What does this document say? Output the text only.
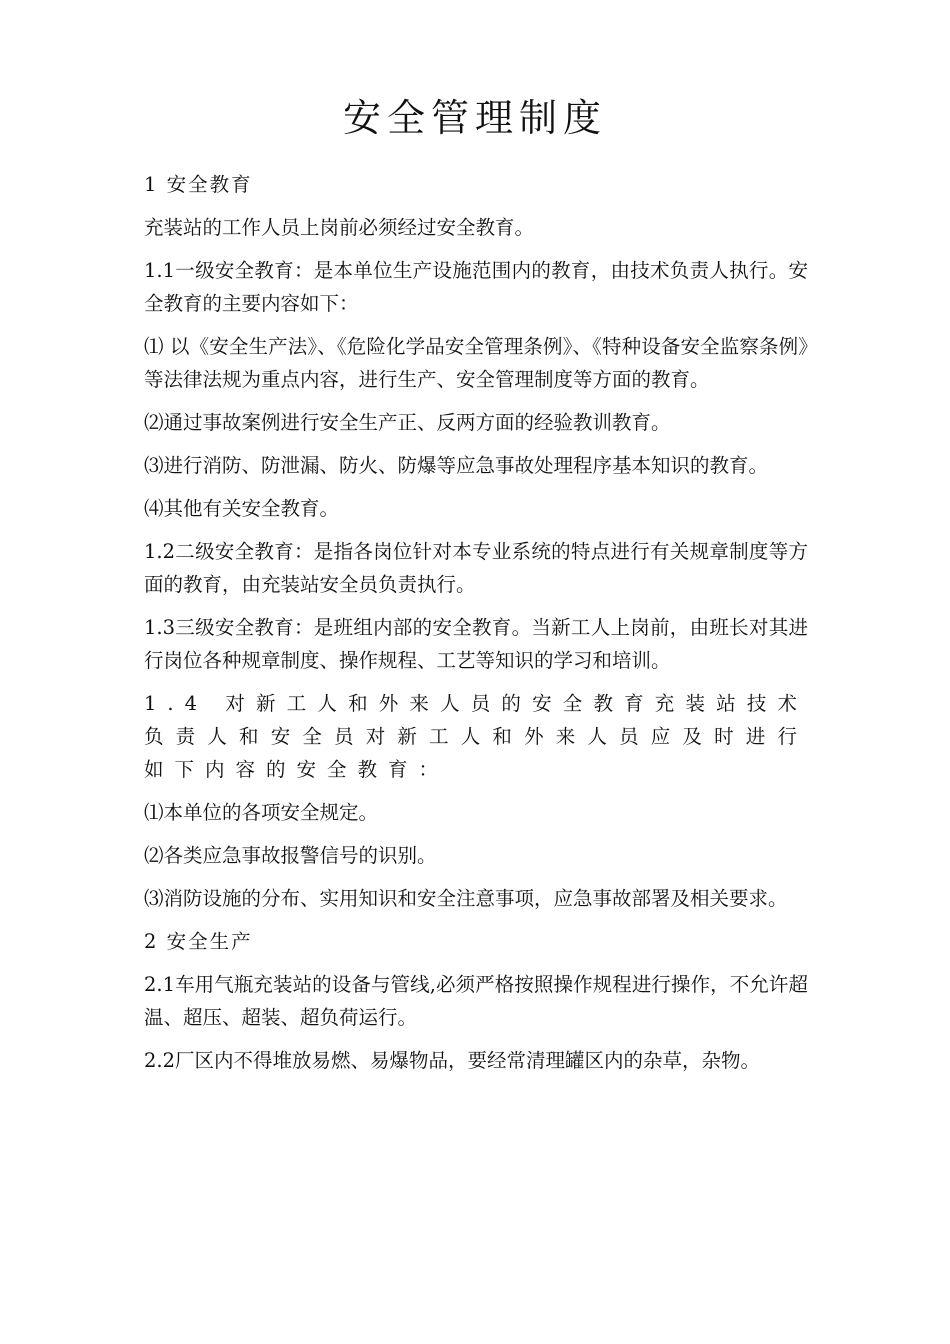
安全管理制度

1 安全教育

充装站的工作人员上岗前必须经过安全教育。

1.1一级安全教育：是本单位生产设施范围内的教育，由技术负责人执行。安全教育的主要内容如下：

⑴ 以《安全生产法》、《危险化学品安全管理条例》、《特种设备安全监察条例》等法律法规为重点内容，进行生产、安全管理制度等方面的教育。

⑵通过事故案例进行安全生产正、反两方面的经验教训教育。

⑶进行消防、防泄漏、防火、防爆等应急事故处理程序基本知识的教育。

⑷其他有关安全教育。

1.2二级安全教育：是指各岗位针对本专业系统的特点进行有关规章制度等方面的教育，由充装站安全员负责执行。

1.3三级安全教育：是班组内部的安全教育。当新工人上岗前，由班长对其进行岗位各种规章制度、操作规程、工艺等知识的学习和培训。

1.4 对新工人和外来人员的安全教育充装站技术负责人和安全员对新工人和外来人员应及时进行如下内容的安全教育：

⑴本单位的各项安全规定。

⑵各类应急事故报警信号的识别。

⑶消防设施的分布、实用知识和安全注意事项，应急事故部署及相关要求。

2 安全生产

2.1车用气瓶充装站的设备与管线,必须严格按照操作规程进行操作，不允许超温、超压、超装、超负荷运行。

2.2厂区内不得堆放易燃、易爆物品，要经常清理罐区内的杂草，杂物。
